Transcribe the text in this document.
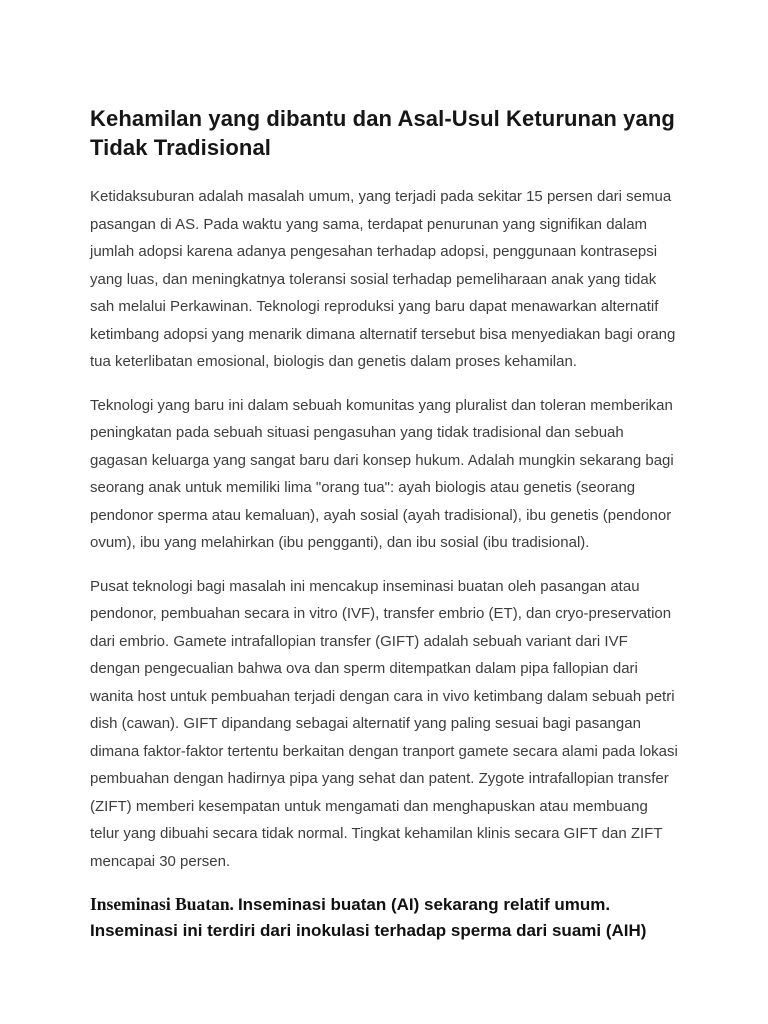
Kehamilan yang dibantu dan Asal-Usul Keturunan yang Tidak Tradisional

Ketidaksuburan adalah masalah umum, yang terjadi pada sekitar 15 persen dari semua pasangan di AS. Pada waktu yang sama, terdapat penurunan yang signifikan dalam jumlah adopsi karena adanya pengesahan terhadap adopsi, penggunaan kontrasepsi yang luas, dan meningkatnya toleransi sosial terhadap pemeliharaan anak yang tidak sah melalui Perkawinan. Teknologi reproduksi yang baru dapat menawarkan alternatif ketimbang adopsi yang menarik dimana alternatif tersebut bisa menyediakan bagi orang tua keterlibatan emosional, biologis dan genetis dalam proses kehamilan.

Teknologi yang baru ini dalam sebuah komunitas yang pluralist dan toleran memberikan peningkatan pada sebuah situasi pengasuhan yang tidak tradisional dan sebuah gagasan keluarga yang sangat baru dari konsep hukum. Adalah mungkin sekarang bagi seorang anak untuk memiliki lima "orang tua": ayah biologis atau genetis (seorang pendonor sperma atau kemaluan), ayah sosial (ayah tradisional), ibu genetis (pendonor ovum), ibu yang melahirkan (ibu pengganti), dan ibu sosial (ibu tradisional).

Pusat teknologi bagi masalah ini mencakup inseminasi buatan oleh pasangan atau pendonor, pembuahan secara in vitro (IVF), transfer embrio (ET), dan cryo-preservation dari embrio. Gamete intrafallopian transfer (GIFT) adalah sebuah variant dari IVF dengan pengecualian bahwa ova dan sperm ditempatkan dalam pipa fallopian dari wanita host untuk pembuahan terjadi dengan cara in vivo ketimbang dalam sebuah petri dish (cawan). GIFT dipandang sebagai alternatif yang paling sesuai bagi pasangan dimana faktor-faktor tertentu berkaitan dengan tranport gamete secara alami pada lokasi pembuahan dengan hadirnya pipa yang sehat dan patent. Zygote intrafallopian transfer (ZIFT) memberi kesempatan untuk mengamati dan menghapuskan atau membuang telur yang dibuahi secara tidak normal. Tingkat kehamilan klinis secara GIFT dan ZIFT mencapai 30 persen.

Inseminasi Buatan. Inseminasi buatan (AI) sekarang relatif umum. Inseminasi ini terdiri dari inokulasi terhadap sperma dari suami (AIH)
